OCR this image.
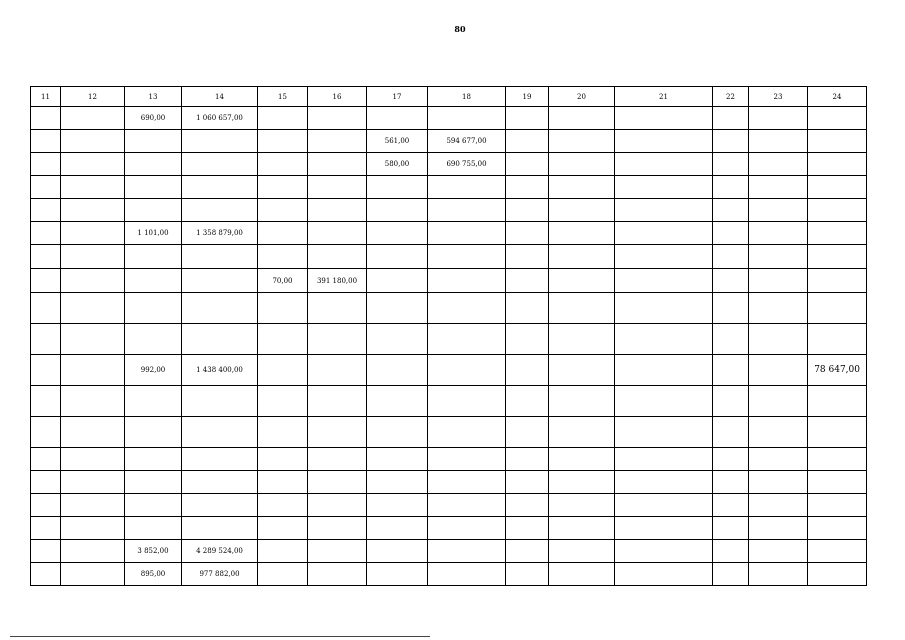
80
11	12	13	14	15	16	17	18	19	20	21	22	23	24
		690,00	1 060 657,00										
						561,00	594 677,00						
						580,00	690 755,00						

		1 101,00	1 358 879,00										

				70,00	391 180,00								

		992,00	1 438 400,00										78 647,00

		3 852,00	4 289 524,00										
		895,00	977 882,00										
